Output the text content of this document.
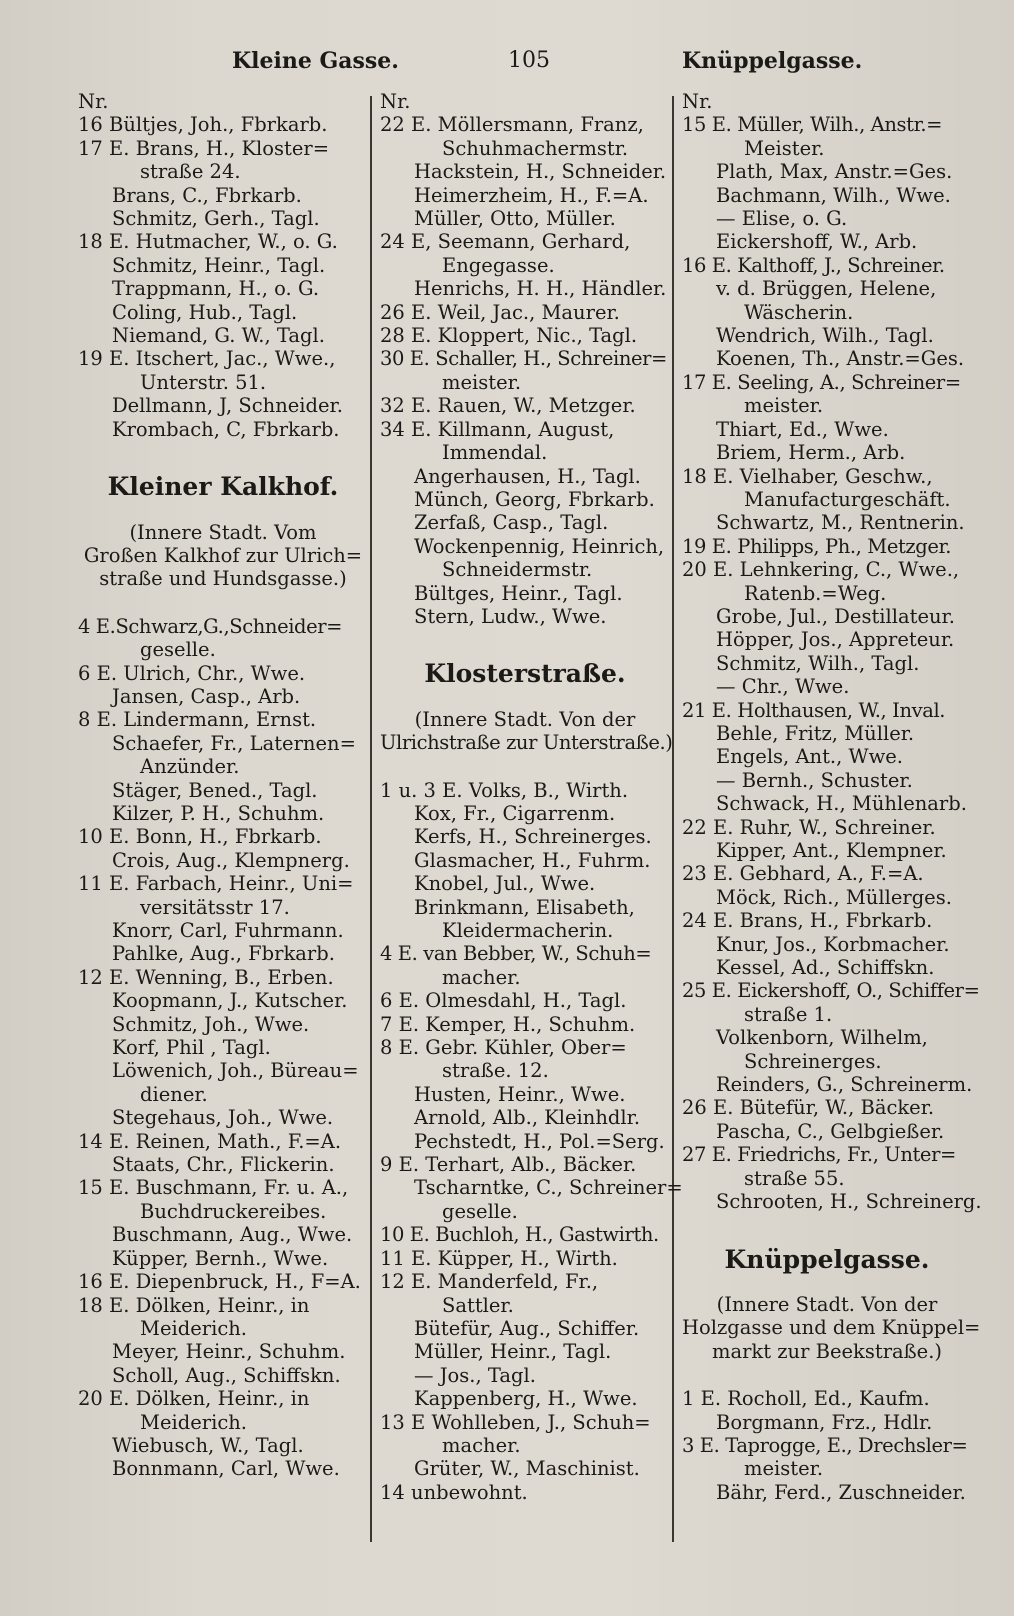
Kleine Gasse.	105	Knüppelgasse.
Nr.
16 Bültjes, Joh., Fbrkarb.
17 E. Brans, H., Kloster=
straße 24.
Brans, C., Fbrkarb.
Schmitz, Gerh., Tagl.
18 E. Hutmacher, W., o. G.
Schmitz, Heinr., Tagl.
Trappmann, H., o. G.
Coling, Hub., Tagl.
Niemand, G. W., Tagl.
19 E. Itschert, Jac., Wwe.,
Unterstr. 51.
Dellmann, J, Schneider.
Krombach, C, Fbrkarb.
Kleiner Kalkhof.
(Innere Stadt. Vom
Großen Kalkhof zur Ulrich=
straße und Hundsgasse.)
4 E.Schwarz,G.,Schneider=
gesellе.
6 E. Ulrich, Chr., Wwe.
Jansen, Casp., Arb.
8 E. Lindermann, Ernst.
Schaefer, Fr., Laternen=
Anzünder.
Stäger, Bened., Tagl.
Kilzer, P. H., Schuhm.
10 E. Bonn, H., Fbrkarb.
Crois, Aug., Klempnerg.
11 E. Farbach, Heinr., Uni=
versitätsstr 17.
Knorr, Carl, Fuhrmann.
Pahlke, Aug., Fbrkarb.
12 E. Wenning, B., Erben.
Koopmann, J., Kutscher.
Schmitz, Joh., Wwe.
Korf, Phil , Tagl.
Löwenich, Joh., Büreau=
diener.
Stegehaus, Joh., Wwe.
14 E. Reinen, Math., F.=A.
Staats, Chr., Flickerin.
15 E. Buschmann, Fr. u. A.,
Buchdruckereibes.
Buschmann, Aug., Wwe.
Küpper, Bernh., Wwe.
16 E. Diepenbruck, H., F=A.
18 E. Dölken, Heinr., in
Meiderich.
Meyer, Heinr., Schuhm.
Scholl, Aug., Schiffskn.
20 E. Dölken, Heinr., in
Meiderich.
Wiebusch, W., Tagl.
Bonnmann, Carl, Wwe.
Nr.
22 E. Möllersmann, Franz,
Schuhmachermstr.
Hackstein, H., Schneider.
Heimerzheim, H., F.=A.
Müller, Otto, Müller.
24 E, Seemann, Gerhard,
Engegasse.
Henrichs, H. H., Händler.
26 E. Weil, Jac., Maurer.
28 E. Kloppert, Nic., Tagl.
30 E. Schaller, H., Schreiner=
meister.
32 E. Rauen, W., Metzger.
34 E. Killmann, August,
Immendal.
Angerhausen, H., Tagl.
Münch, Georg, Fbrkarb.
Zerfaß, Casp., Tagl.
Wockenpennig, Heinrich,
Schneidermstr.
Bültges, Heinr., Tagl.
Stern, Ludw., Wwe.
Klosterstraße.
(Innere Stadt. Von der
Ulrichstraße zur Unterstraße.)
1 u. 3 E. Volks, B., Wirth.
Kox, Fr., Cigarrenm.
Kerfs, H., Schreinerges.
Glasmacher, H., Fuhrm.
Knobel, Jul., Wwe.
Brinkmann, Elisabeth,
Kleidermacherin.
4 E. van Bebber, W., Schuh=
macher.
6 E. Olmesdahl, H., Tagl.
7 E. Kemper, H., Schuhm.
8 E. Gebr. Kühler, Ober=
straße. 12.
Husten, Heinr., Wwe.
Arnold, Alb., Kleinhdlr.
Pechstedt, H., Pol.=Serg.
9 E. Terhart, Alb., Bäcker.
Tscharntke, C., Schreiner=
gesellе.
10 E. Buchloh, H., Gastwirth.
11 E. Küpper, H., Wirth.
12 E. Manderfeld, Fr.,
Sattler.
Bütefür, Aug., Schiffer.
Müller, Heinr., Tagl.
— Jos., Tagl.
Kappenberg, H., Wwe.
13 E Wohlleben, J., Schuh=
macher.
Grüter, W., Maschinist.
14 unbewohnt.
Nr.
15 E. Müller, Wilh., Anstr.=
Meister.
Plath, Max, Anstr.=Ges.
Bachmann, Wilh., Wwe.
— Elise, o. G.
Eickershoff, W., Arb.
16 E. Kalthoff, J., Schreiner.
v. d. Brüggen, Helene,
Wäscherin.
Wendrich, Wilh., Tagl.
Koenen, Th., Anstr.=Ges.
17 E. Seeling, A., Schreiner=
meister.
Thiart, Ed., Wwe.
Briem, Herm., Arb.
18 E. Vielhaber, Geschw.,
Manufacturgeschäft.
Schwartz, M., Rentnerin.
19 E. Philipps, Ph., Metzger.
20 E. Lehnkering, C., Wwe.,
Ratenb.=Weg.
Grobe, Jul., Destillateur.
Höpper, Jos., Appreteur.
Schmitz, Wilh., Tagl.
— Chr., Wwe.
21 E. Holthausen, W., Inval.
Behle, Fritz, Müller.
Engels, Ant., Wwe.
— Bernh., Schuster.
Schwack, H., Mühlenarb.
22 E. Ruhr, W., Schreiner.
Kipper, Ant., Klempner.
23 E. Gebhard, A., F.=A.
Möck, Rich., Müllerges.
24 E. Brans, H., Fbrkarb.
Knur, Jos., Korbmacher.
Kessel, Ad., Schiffskn.
25 E. Eickershoff, O., Schiffer=
straße 1.
Volkenborn, Wilhelm,
Schreinerges.
Reinders, G., Schreinerm.
26 E. Bütefür, W., Bäcker.
Pascha, C., Gelbgießer.
27 E. Friedrichs, Fr., Unter=
straße 55.
Schrooten, H., Schreinerg.
Knüppelgasse.
(Innere Stadt. Von der
Holzgasse und dem Knüppel=
markt zur Beekstraße.)
1 E. Rocholl, Ed., Kaufm.
Borgmann, Frz., Hdlr.
3 E. Taprogge, E., Drechsler=
meister.
Bähr, Ferd., Zuschneider.
